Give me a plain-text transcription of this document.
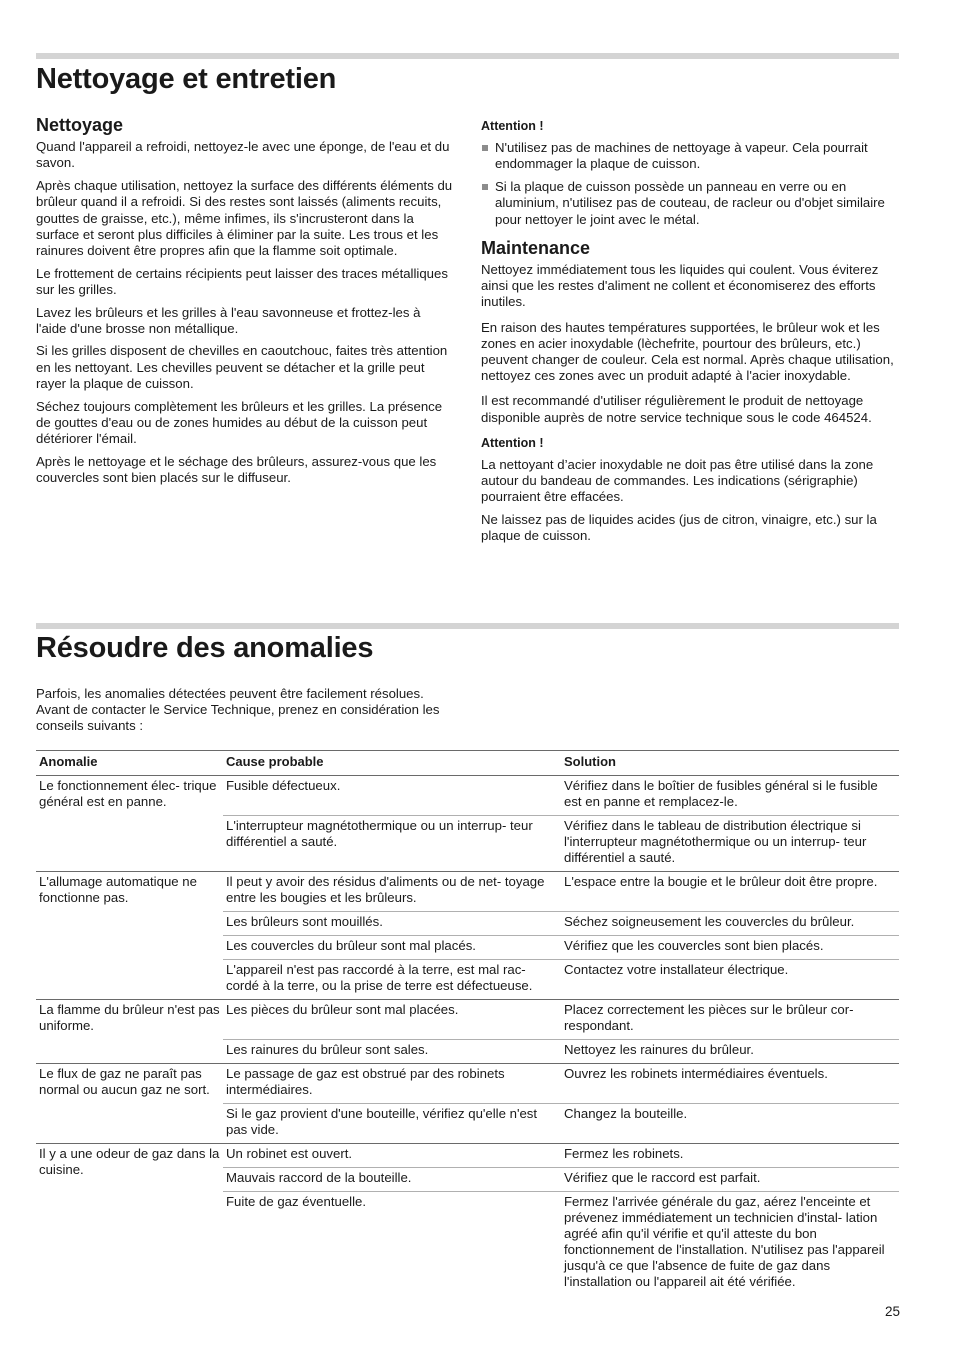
Nettoyage et entretien
Nettoyage

Quand l'appareil a refroidi, nettoyez-le avec une éponge, de l'eau et du savon.

Après chaque utilisation, nettoyez la surface des différents éléments du brûleur quand il a refroidi. Si des restes sont laissés (aliments recuits, gouttes de graisse, etc.), même infimes, ils s'incrusteront dans la surface et seront plus difficiles à éliminer par la suite. Les trous et les rainures doivent être propres afin que la flamme soit optimale.

Le frottement de certains récipients peut laisser des traces métalliques sur les grilles.

Lavez les brûleurs et les grilles à l'eau savonneuse et frottez-les à l'aide d'une brosse non métallique.

Si les grilles disposent de chevilles en caoutchouc, faites très attention en les nettoyant. Les chevilles peuvent se détacher et la grille peut rayer la plaque de cuisson.

Séchez toujours complètement les brûleurs et les grilles. La présence de gouttes d'eau ou de zones humides au début de la cuisson peut détériorer l'émail.

Après le nettoyage et le séchage des brûleurs, assurez-vous que les couvercles sont bien placés sur le diffuseur.

Attention !
N'utilisez pas de machines de nettoyage à vapeur. Cela pourrait endommager la plaque de cuisson.
Si la plaque de cuisson possède un panneau en verre ou en aluminium, n'utilisez pas de couteau, de racleur ou d'objet similaire pour nettoyer le joint avec le métal.
Maintenance

Nettoyez immédiatement tous les liquides qui coulent. Vous éviterez ainsi que les restes d'aliment ne collent et économiserez des efforts inutiles.

En raison des hautes températures supportées, le brûleur wok et les zones en acier inoxydable (lèchefrite, pourtour des brûleurs, etc.) peuvent changer de couleur. Cela est normal. Après chaque utilisation, nettoyez ces zones avec un produit adapté à l'acier inoxydable.

Il est recommandé d'utiliser régulièrement le produit de nettoyage disponible auprès de notre service technique sous le code 464524.

Attention !

La nettoyant d’acier inoxydable ne doit pas être utilisé dans la zone autour du bandeau de commandes. Les indications (sérigraphie) pourraient être effacées.

Ne laissez pas de liquides acides (jus de citron, vinaigre, etc.) sur la plaque de cuisson.

Résoudre des anomalies

Parfois, les anomalies détectées peuvent être facilement résolues. Avant de contacter le Service Technique, prenez en considération les conseils suivants :

Anomalie	Cause probable	Solution
Le fonctionnement élec- trique général est en panne.	Fusible défectueux.	Vérifiez dans le boîtier de fusibles général si le fusible est en panne et remplacez-le.
	L'interrupteur magnétothermique ou un interrup- teur différentiel a sauté.	Vérifiez dans le tableau de distribution électrique si l'interrupteur magnétothermique ou un interrup- teur différentiel a sauté.
L'allumage automatique ne fonctionne pas.	Il peut y avoir des résidus d'aliments ou de net- toyage entre les bougies et les brûleurs.	L'espace entre la bougie et le brûleur doit être propre.
	Les brûleurs sont mouillés.	Séchez soigneusement les couvercles du brûleur.
	Les couvercles du brûleur sont mal placés.	Vérifiez que les couvercles sont bien placés.
	L'appareil n'est pas raccordé à la terre, est mal rac- cordé à la terre, ou la prise de terre est défectueuse.	Contactez votre installateur électrique.
La flamme du brûleur n'est pas uniforme.	Les pièces du brûleur sont mal placées.	Placez correctement les pièces sur le brûleur cor- respondant.
	Les rainures du brûleur sont sales.	Nettoyez les rainures du brûleur.
Le flux de gaz ne paraît pas normal ou aucun gaz ne sort.	Le passage de gaz est obstrué par des robinets intermédiaires.	Ouvrez les robinets intermédiaires éventuels.
	Si le gaz provient d'une bouteille, vérifiez qu'elle n'est pas vide.	Changez la bouteille.
Il y a une odeur de gaz dans la cuisine.	Un robinet est ouvert.	Fermez les robinets.
	Mauvais raccord de la bouteille.	Vérifiez que le raccord est parfait.
	Fuite de gaz éventuelle.	Fermez l'arrivée générale du gaz, aérez l'enceinte et prévenez immédiatement un technicien d'instal- lation agréé afin qu'il vérifie et qu'il atteste du bon fonctionnement de l'installation. N'utilisez pas l'appareil jusqu'à ce que l'absence de fuite de gaz dans l'installation ou l'appareil ait été vérifiée.
25
